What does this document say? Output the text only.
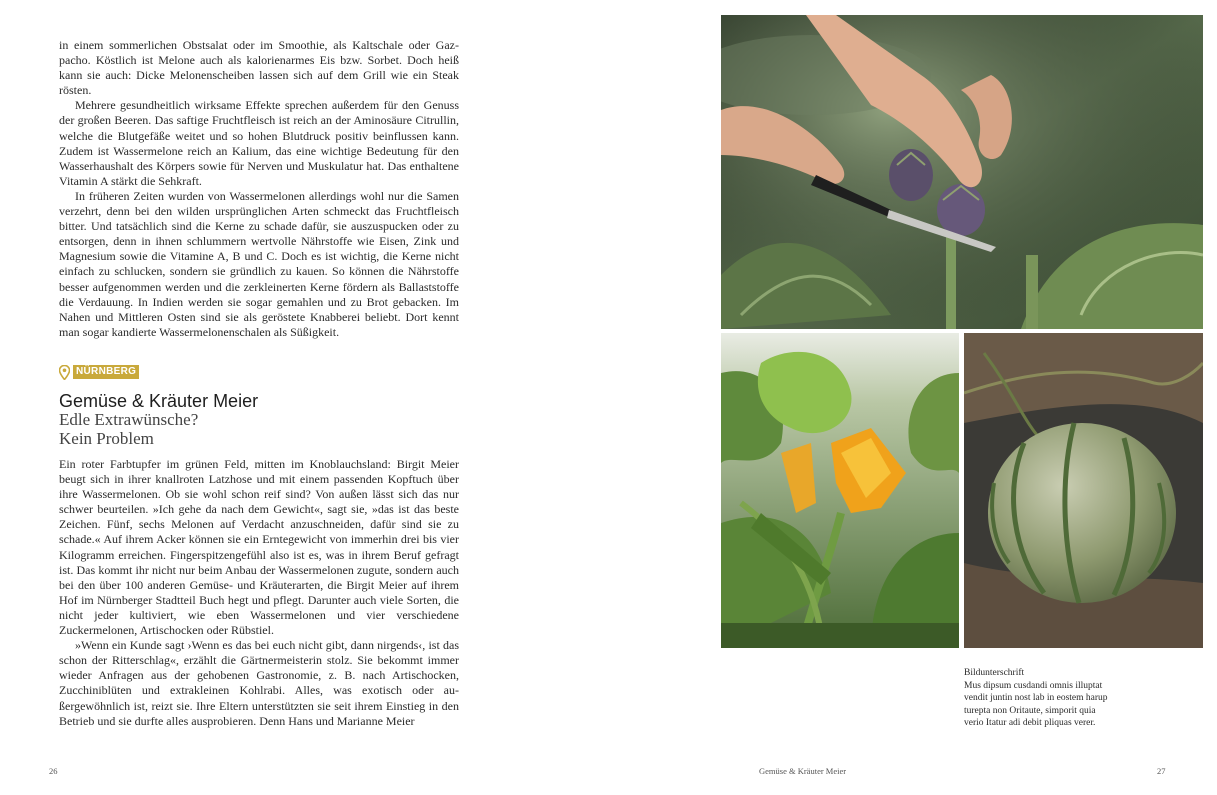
in einem sommerlichen Obstsalat oder im Smoothie, als Kaltschale oder Gazpacho. Köstlich ist Melone auch als kalorienarmes Eis bzw. Sorbet. Doch heiß kann sie auch: Dicke Melonenscheiben lassen sich auf dem Grill wie ein Steak rösten.

Mehrere gesundheitlich wirksame Effekte sprechen außerdem für den Genuss der großen Beeren. Das saftige Fruchtfleisch ist reich an der Aminosäure Citrullin, welche die Blutgefäße weitet und so hohen Blutdruck positiv beinflussen kann. Zudem ist Wassermelone reich an Kalium, das eine wichtige Bedeutung für den Wasserhaushalt des Körpers sowie für Nerven und Muskulatur hat. Das enthaltene Vitamin A stärkt die Sehkraft.

In früheren Zeiten wurden von Wassermelonen allerdings wohl nur die Samen verzehrt, denn bei den wilden ursprünglichen Arten schmeckt das Fruchtfleisch bitter. Und tatsächlich sind die Kerne zu schade dafür, sie auszuspucken oder zu entsorgen, denn in ihnen schlummern wertvolle Nährstoffe wie Eisen, Zink und Magnesium sowie die Vitamine A, B und C. Doch es ist wichtig, die Kerne nicht einfach zu schlucken, sondern sie gründlich zu kauen. So können die Nährstoffe besser aufgenommen werden und die zerkleinerten Kerne fördern als Ballaststoffe die Verdauung. In Indien werden sie sogar gemahlen und zu Brot gebacken. Im Nahen und Mittleren Osten sind sie als geröstete Knabberei beliebt. Dort kennt man sogar kandierte Wassermelonenschalen als Süßigkeit.

NÜRNBERG
Gemüse & Kräuter Meier
Edle Extrawünsche?
Kein Problem

Ein roter Farbtupfer im grünen Feld, mitten im Knoblauchsland: Birgit Meier beugt sich in ihrer knallroten Latzhose und mit einem passenden Kopftuch über ihre Wassermelonen. Ob sie wohl schon reif sind? Von außen lässt sich das nur schwer beurteilen. »Ich gehe da nach dem Gewicht«, sagt sie, »das ist das beste Zeichen. Fünf, sechs Melonen auf Verdacht anzuschneiden, dafür sind sie zu schade.« Auf ihrem Acker können sie ein Erntegewicht von immerhin drei bis vier Kilogramm erreichen. Fingerspitzengefühl also ist es, was in ihrem Beruf gefragt ist. Das kommt ihr nicht nur beim Anbau der Wassermelonen zugute, sondern auch bei den über 100 anderen Gemüse- und Kräuterarten, die Birgit Meier auf ihrem Hof im Nürnberger Stadtteil Buch hegt und pflegt. Darunter auch viele Sorten, die nicht jeder kultiviert, wie eben Wassermelonen und vier verschiedene Zuckermelonen, Artischocken oder Rübstiel.

»Wenn ein Kunde sagt ›Wenn es das bei euch nicht gibt, dann nirgends‹, ist das schon der Ritterschlag«, erzählt die Gärtnermeisterin stolz. Sie bekommt immer wieder Anfragen aus der gehobenen Gastronomie, z. B. nach Artischocken, Zucchiniblüten und extrakleinen Kohlrabi. Alles, was exotisch oder außergewöhnlich ist, reizt sie. Ihre Eltern unterstützten sie seit ihrem Einstieg in den Betrieb und sie durfte alles ausprobieren. Denn Hans und Marianne Meier

Bildunterschrift
Mus dipsum cusdandi omnis illuptat
vendit juntin nost lab in eostem harup
turepta non Oritaute, simporit quia
verio Itatur adi debit pliquas verer.
26	Gemüse & Kräuter Meier	27
